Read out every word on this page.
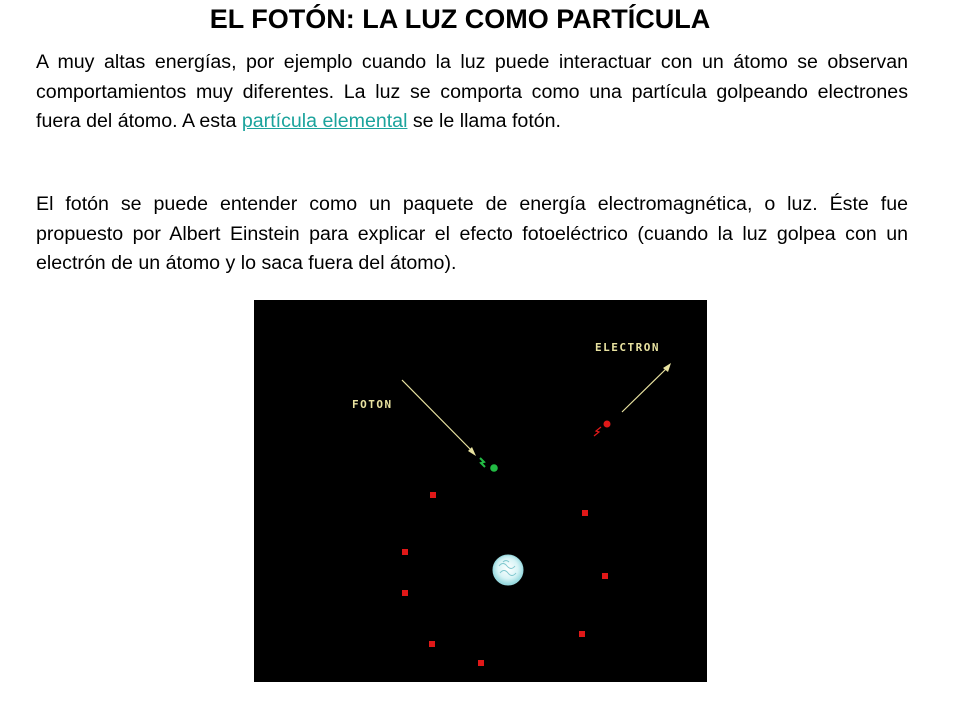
EL FOTÓN: LA LUZ COMO PARTÍCULA
A muy altas energías, por ejemplo cuando la luz puede interactuar con un átomo se observan comportamientos muy diferentes. La luz se comporta como una partícula golpeando electrones fuera del átomo. A esta partícula elemental se le llama fotón.
El fotón se puede entender como un paquete de energía electromagnética, o luz. Éste fue propuesto por Albert Einstein para explicar el efecto fotoeléctrico (cuando la luz golpea con un electrón de un átomo y lo saca fuera del átomo).
FOTON
ELECTRON
